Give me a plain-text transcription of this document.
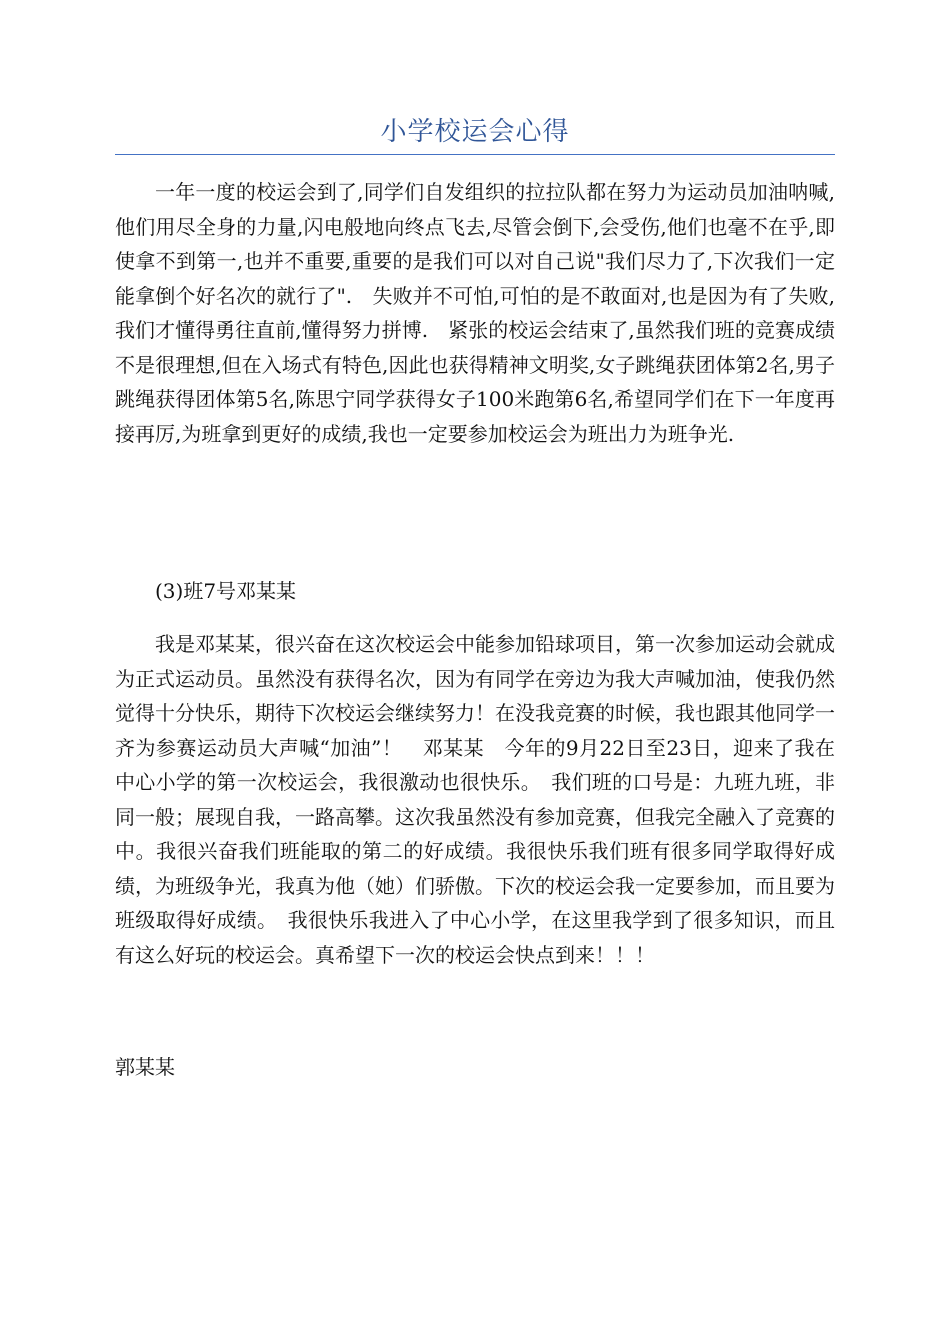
小学校运会心得

一年一度的校运会到了,同学们自发组织的拉拉队都在努力为运动员加油呐喊,他们用尽全身的力量,闪电般地向终点飞去,尽管会倒下,会受伤,他们也毫不在乎,即使拿不到第一,也并不重要,重要的是我们可以对自己说"我们尽力了,下次我们一定能拿倒个好名次的就行了".　失败并不可怕,可怕的是不敢面对,也是因为有了失败,我们才懂得勇往直前,懂得努力拼博.　紧张的校运会结束了,虽然我们班的竞赛成绩不是很理想,但在入场式有特色,因此也获得精神文明奖,女子跳绳获团体第2名,男子跳绳获得团体第5名,陈思宁同学获得女子100米跑第6名,希望同学们在下一年度再接再厉,为班拿到更好的成绩,我也一定要参加校运会为班出力为班争光.

(3)班7号邓某某

我是邓某某，很兴奋在这次校运会中能参加铅球项目，第一次参加运动会就成为正式运动员。虽然没有获得名次，因为有同学在旁边为我大声喊加油，使我仍然觉得十分快乐，期待下次校运会继续努力！在没我竞赛的时候，我也跟其他同学一齐为参赛运动员大声喊“加油”！　邓某某　今年的9月22日至23日，迎来了我在中心小学的第一次校运会，我很激动也很快乐。　我们班的口号是：九班九班，非同一般；展现自我，一路高攀。这次我虽然没有参加竞赛，但我完全融入了竞赛的中。我很兴奋我们班能取的第二的好成绩。我很快乐我们班有很多同学取得好成绩，为班级争光，我真为他（她）们骄傲。下次的校运会我一定要参加，而且要为班级取得好成绩。　我很快乐我进入了中心小学，在这里我学到了很多知识，而且有这么好玩的校运会。真希望下一次的校运会快点到来！！！

郭某某
